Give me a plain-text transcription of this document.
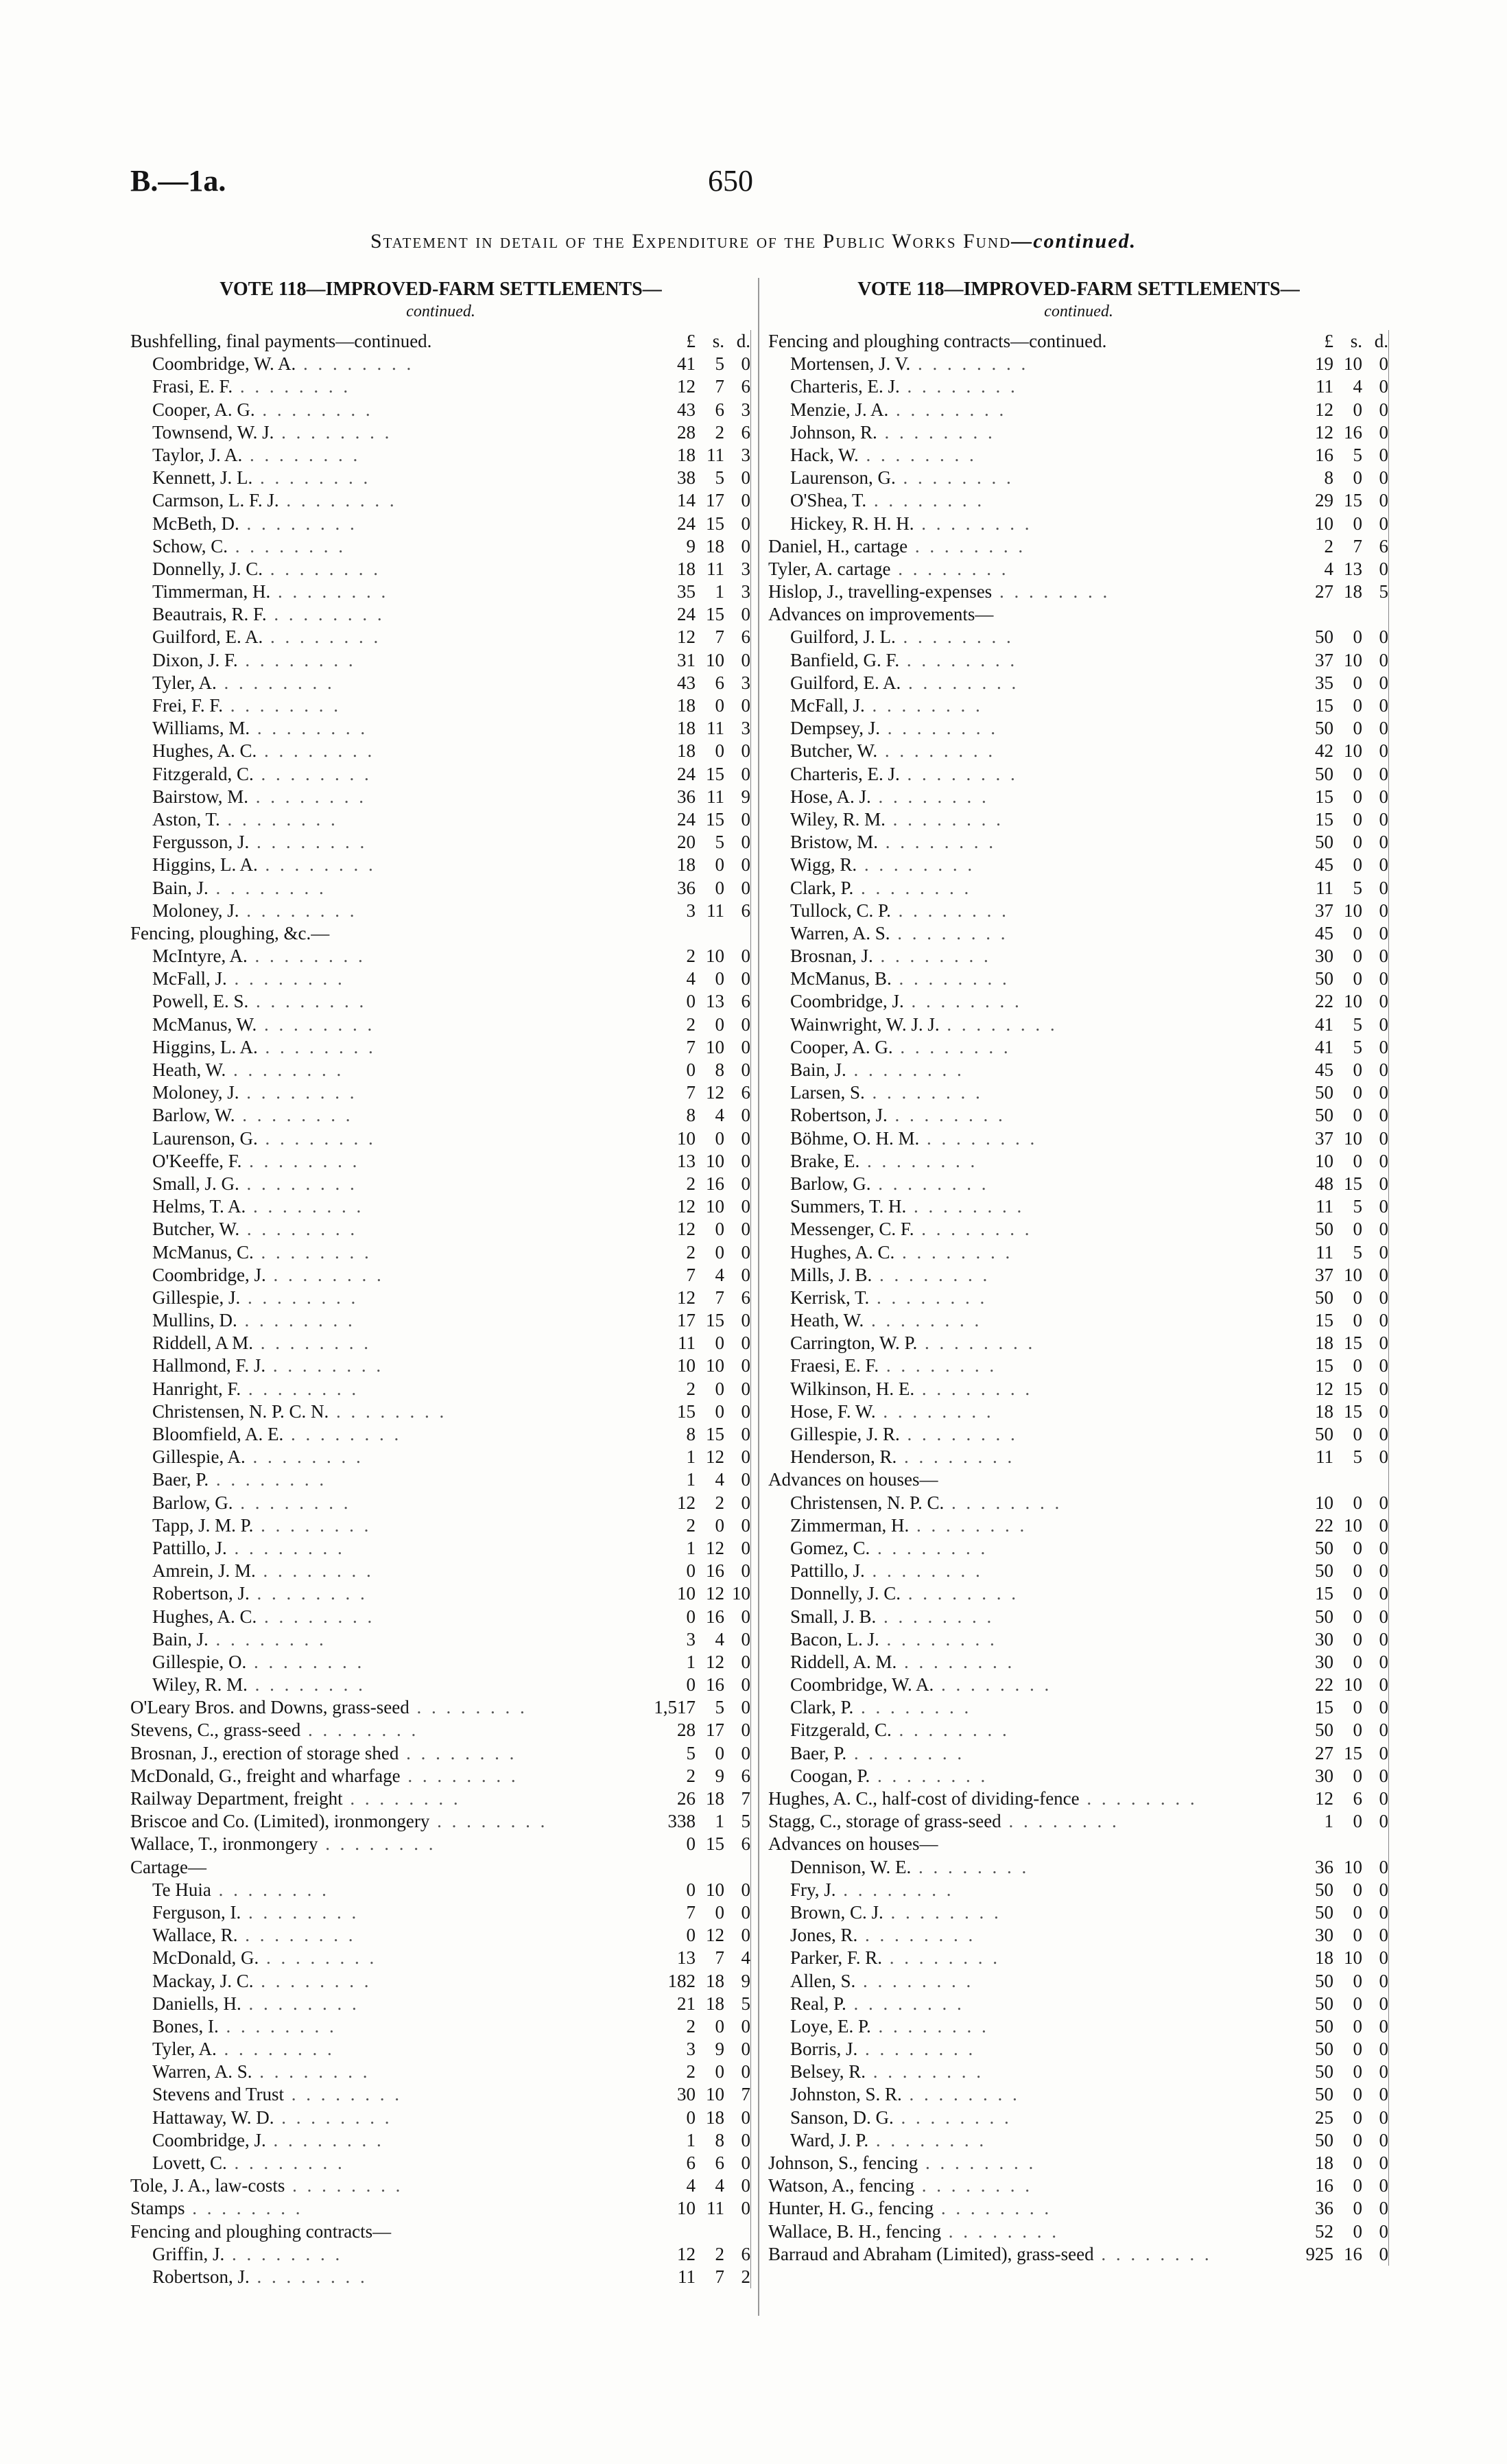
B.—1a.	650
Statement in detail of the Expenditure of the Public Works Fund—continued.
VOTE 118—IMPROVED-FARM SETTLEMENTS—
continued.
Bushfelling, final payments—continued.	£ s. d.
Coombridge, W. A. . . . . . . . .	41	5 0
Frasi, E. F. . . . . . . . .	12	7 6
Cooper, A. G. . . . . . . . .	43	6 3
Townsend, W. J. . . . . . . . .	28	2 6
Taylor, J. A. . . . . . . . .	18 11 3
Kennett, J. L. . . . . . . . .	38	5 0
Carmson, L. F. J. . . . . . . . .	14 17 0
McBeth, D. . . . . . . . .	24 15 0
Schow, C. . . . . . . . .	9 18 0
Donnelly, J. C. . . . . . . . .	18 11 3
Timmerman, H. . . . . . . . .	35	1 3
Beautrais, R. F. . . . . . . . .	24 15 0
Guilford, E. A. . . . . . . . .	12	7 6
Dixon, J. F. . . . . . . . .	31 10 0
Tyler, A. . . . . . . . .	43	6 3
Frei, F. F. . . . . . . . .	18	0 0
Williams, M. . . . . . . . .	18 11 3
Hughes, A. C. . . . . . . . .	18	0 0
Fitzgerald, C. . . . . . . . .	24 15 0
Bairstow, M. . . . . . . . .	36 11 9
Aston, T. . . . . . . . .	24 15 0
Fergusson, J. . . . . . . . .	20	5 0
Higgins, L. A. . . . . . . . .	18	0 0
Bain, J. . . . . . . . .	36	0 0
Moloney, J. . . . . . . . .	3 11 6
Fencing, ploughing, &c.—
McIntyre, A. . . . . . . . .	2 10 0
McFall, J. . . . . . . . .	4	0 0
Powell, E. S. . . . . . . . .	0 13 6
McManus, W. . . . . . . . .	2	0 0
Higgins, L. A. . . . . . . . .	7 10 0
Heath, W. . . . . . . . .	0	8 0
Moloney, J. . . . . . . . .	7 12 6
Barlow, W. . . . . . . . .	8	4 0
Laurenson, G. . . . . . . . .	10	0 0
O'Keeffe, F. . . . . . . . .	13 10 0
Small, J. G. . . . . . . . .	2 16 0
Helms, T. A. . . . . . . . .	12 10 0
Butcher, W. . . . . . . . .	12	0 0
McManus, C. . . . . . . . .	2	0 0
Coombridge, J. . . . . . . . .	7	4 0
Gillespie, J. . . . . . . . .	12	7 6
Mullins, D. . . . . . . . .	17 15 0
Riddell, A M. . . . . . . . .	11	0 0
Hallmond, F. J. . . . . . . . .	10 10 0
Hanright, F. . . . . . . . .	2	0 0
Christensen, N. P. C. N. . . . . . . . .	15	0 0
Bloomfield, A. E. . . . . . . . .	8 15 0
Gillespie, A. . . . . . . . .	1 12 0
Baer, P. . . . . . . . .	1	4 0
Barlow, G. . . . . . . . .	12	2 0
Tapp, J. M. P. . . . . . . . .	2	0 0
Pattillo, J. . . . . . . . .	1 12 0
Amrein, J. M. . . . . . . . .	0 16 0
Robertson, J. . . . . . . . .	10 12 10
Hughes, A. C. . . . . . . . .	0 16 0
Bain, J. . . . . . . . .	3	4 0
Gillespie, O. . . . . . . . .	1 12 0
Wiley, R. M. . . . . . . . .	0 16 0
O'Leary Bros. and Downs, grass-seed . . . . . . . .	1,517	5 0
Stevens, C., grass-seed . . . . . . . .	28 17 0
Brosnan, J., erection of storage shed . . . . . . . .	5	0 0
McDonald, G., freight and wharfage . . . . . . . .	2	9 6
Railway Department, freight . . . . . . . .	26 18 7
Briscoe and Co. (Limited), ironmongery . . . . . . . .	338	1 5
Wallace, T., ironmongery . . . . . . . .	0 15 6
Cartage—
Te Huia . . . . . . . .	0 10 0
Ferguson, I. . . . . . . . .	7	0 0
Wallace, R. . . . . . . . .	0 12 0
McDonald, G. . . . . . . . .	13	7 4
Mackay, J. C. . . . . . . . .	182 18 9
Daniells, H. . . . . . . . .	21 18 5
Bones, I. . . . . . . . .	2	0 0
Tyler, A. . . . . . . . .	3	9 0
Warren, A. S. . . . . . . . .	2	0 0
Stevens and Trust . . . . . . . .	30 10 7
Hattaway, W. D. . . . . . . . .	0 18 0
Coombridge, J. . . . . . . . .	1	8 0
Lovett, C. . . . . . . . .	6	6 0
Tole, J. A., law-costs . . . . . . . .	4	4 0
Stamps . . . . . . . .	10 11 0
Fencing and ploughing contracts—
Griffin, J. . . . . . . . .	12	2 6
Robertson, J. . . . . . . . .	11	7 2
VOTE 118—IMPROVED-FARM SETTLEMENTS—
continued.
Fencing and ploughing contracts—continued.	£ s. d.
Mortensen, J. V. . . . . . . . .	19 10 0
Charteris, E. J. . . . . . . . .	11	4 0
Menzie, J. A. . . . . . . . .	12	0 0
Johnson, R. . . . . . . . .	12 16 0
Hack, W. . . . . . . . .	16	5 0
Laurenson, G. . . . . . . . .	8	0 0
O'Shea, T. . . . . . . . .	29 15 0
Hickey, R. H. H. . . . . . . . .	10	0 0
Daniel, H., cartage . . . . . . . .	2	7 6
Tyler, A. cartage . . . . . . . .	4 13 0
Hislop, J., travelling-expenses . . . . . . . .	27 18 5
Advances on improvements—
Guilford, J. L. . . . . . . . .	50	0 0
Banfield, G. F. . . . . . . . .	37 10 0
Guilford, E. A. . . . . . . . .	35	0 0
McFall, J. . . . . . . . .	15	0 0
Dempsey, J. . . . . . . . .	50	0 0
Butcher, W. . . . . . . . .	42 10 0
Charteris, E. J. . . . . . . . .	50	0 0
Hose, A. J. . . . . . . . .	15	0 0
Wiley, R. M. . . . . . . . .	15	0 0
Bristow, M. . . . . . . . .	50	0 0
Wigg, R. . . . . . . . .	45	0 0
Clark, P. . . . . . . . .	11	5 0
Tullock, C. P. . . . . . . . .	37 10 0
Warren, A. S. . . . . . . . .	45	0 0
Brosnan, J. . . . . . . . .	30	0 0
McManus, B. . . . . . . . .	50	0 0
Coombridge, J. . . . . . . . .	22 10 0
Wainwright, W. J. J. . . . . . . . .	41	5 0
Cooper, A. G. . . . . . . . .	41	5 0
Bain, J. . . . . . . . .	45	0 0
Larsen, S. . . . . . . . .	50	0 0
Robertson, J. . . . . . . . .	50	0 0
Böhme, O. H. M. . . . . . . . .	37 10 0
Brake, E. . . . . . . . .	10	0 0
Barlow, G. . . . . . . . .	48 15 0
Summers, T. H. . . . . . . . .	11	5 0
Messenger, C. F. . . . . . . . .	50	0 0
Hughes, A. C. . . . . . . . .	11	5 0
Mills, J. B. . . . . . . . .	37 10 0
Kerrisk, T. . . . . . . . .	50	0 0
Heath, W. . . . . . . . .	15	0 0
Carrington, W. P. . . . . . . . .	18 15 0
Fraesi, E. F. . . . . . . . .	15	0 0
Wilkinson, H. E. . . . . . . . .	12 15 0
Hose, F. W. . . . . . . . .	18 15 0
Gillespie, J. R. . . . . . . . .	50	0 0
Henderson, R. . . . . . . . .	11	5 0
Advances on houses—
Christensen, N. P. C. . . . . . . . .	10	0 0
Zimmerman, H. . . . . . . . .	22 10 0
Gomez, C. . . . . . . . .	50	0 0
Pattillo, J. . . . . . . . .	50	0 0
Donnelly, J. C. . . . . . . . .	15	0 0
Small, J. B. . . . . . . . .	50	0 0
Bacon, L. J. . . . . . . . .	30	0 0
Riddell, A. M. . . . . . . . .	30	0 0
Coombridge, W. A. . . . . . . . .	22 10 0
Clark, P. . . . . . . . .	15	0 0
Fitzgerald, C. . . . . . . . .	50	0 0
Baer, P. . . . . . . . .	27 15 0
Coogan, P. . . . . . . . .	30	0 0
Hughes, A. C., half-cost of dividing-fence . . . . . . . .	12	6 0
Stagg, C., storage of grass-seed . . . . . . . .	1	0 0
Advances on houses—
Dennison, W. E. . . . . . . . .	36 10 0
Fry, J. . . . . . . . .	50	0 0
Brown, C. J. . . . . . . . .	50	0 0
Jones, R. . . . . . . . .	30	0 0
Parker, F. R. . . . . . . . .	18 10 0
Allen, S. . . . . . . . .	50	0 0
Real, P. . . . . . . . .	50	0 0
Loye, E. P. . . . . . . . .	50	0 0
Borris, J. . . . . . . . .	50	0 0
Belsey, R. . . . . . . . .	50	0 0
Johnston, S. R. . . . . . . . .	50	0 0
Sanson, D. G. . . . . . . . .	25	0 0
Ward, J. P. . . . . . . . .	50	0 0
Johnson, S., fencing . . . . . . . .	18	0 0
Watson, A., fencing . . . . . . . .	16	0 0
Hunter, H. G., fencing . . . . . . . .	36	0 0
Wallace, B. H., fencing . . . . . . . .	52	0 0
Barraud and Abraham (Limited), grass-seed . . . . . . . .	925 16 0
